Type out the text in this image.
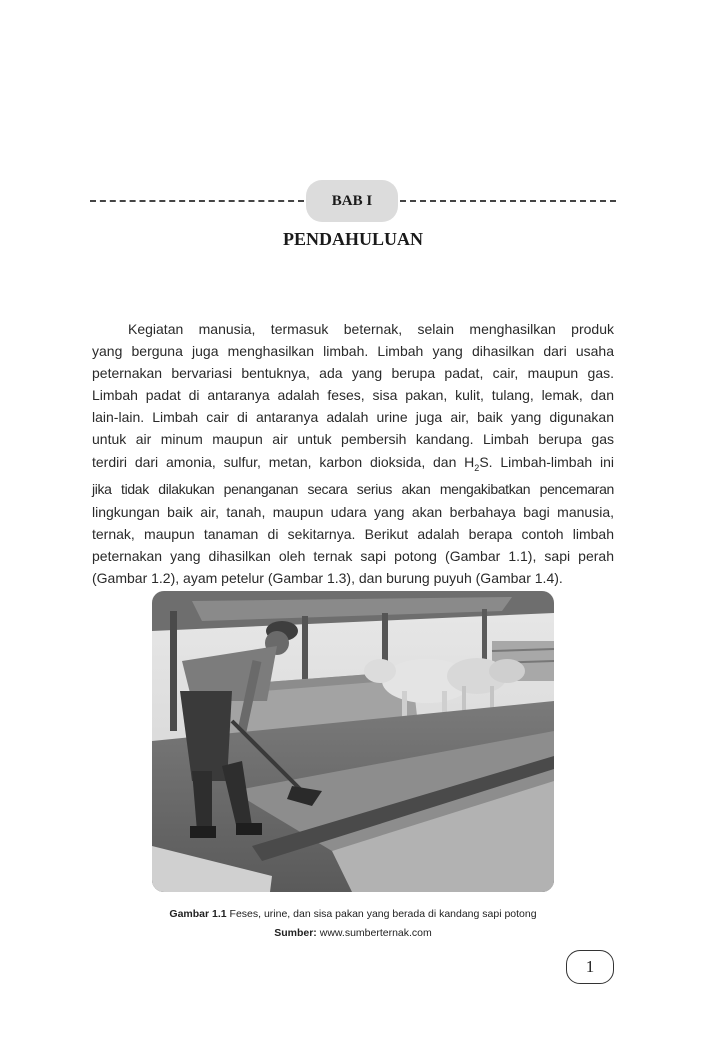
BAB I
PENDAHULUAN
Kegiatan manusia, termasuk beternak, selain menghasilkan produk
yang berguna juga menghasilkan limbah. Limbah yang dihasilkan dari usaha
peternakan bervariasi bentuknya, ada yang berupa padat, cair, maupun gas.
Limbah padat di antaranya adalah feses, sisa pakan, kulit, tulang, lemak, dan
lain-lain. Limbah cair di antaranya adalah urine juga air, baik yang digunakan
untuk air minum maupun air untuk pembersih kandang. Limbah berupa gas
terdiri dari amonia, sulfur, metan, karbon dioksida, dan $H_2S$. Limbah-limbah ini
jika tidak dilakukan penanganan secara serius akan mengakibatkan pencemaran
lingkungan baik air, tanah, maupun udara yang akan berbahaya bagi manusia,
ternak, maupun tanaman di sekitarnya. Berikut adalah berapa contoh limbah
peternakan yang dihasilkan oleh ternak sapi potong (Gambar 1.1), sapi perah
(Gambar 1.2), ayam petelur (Gambar 1.3), dan burung puyuh (Gambar 1.4).
Gambar 1.1 Feses, urine, dan sisa pakan yang berada di kandang sapi potong
Sumber: www.sumberternak.com
1
